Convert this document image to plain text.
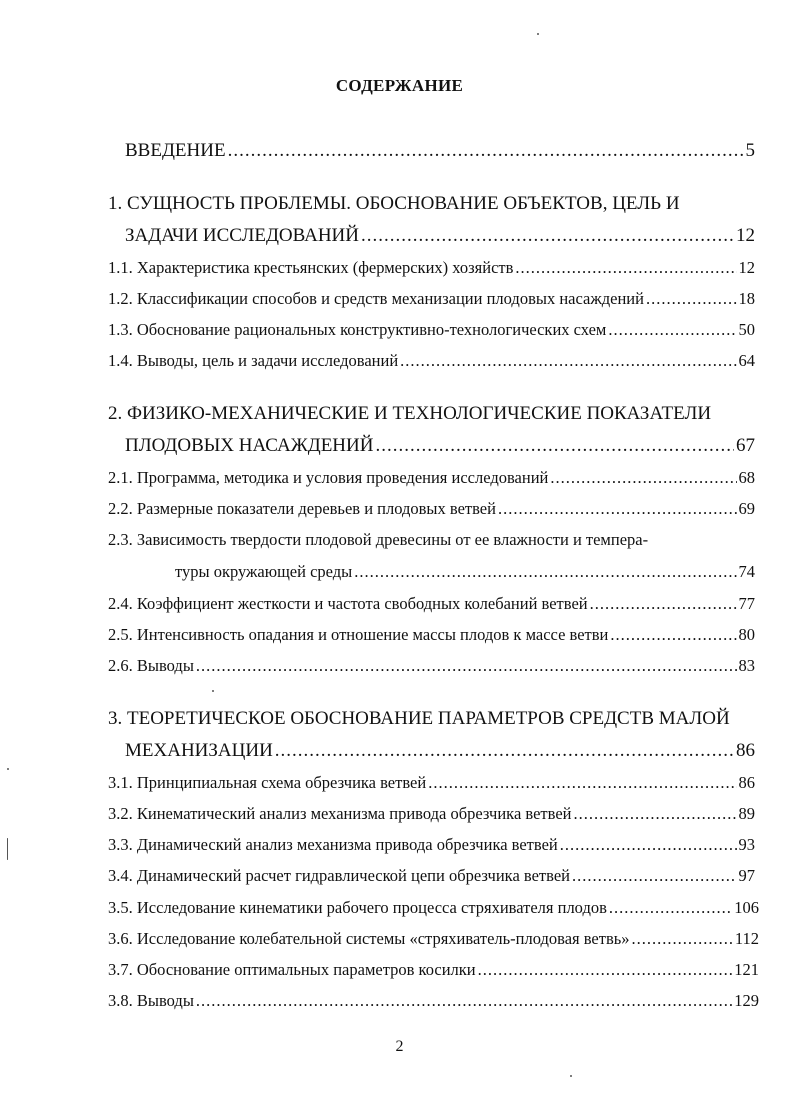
СОДЕРЖАНИЕ
ВВЕДЕНИЕ .....	5
1. СУЩНОСТЬ ПРОБЛЕМЫ. ОБОСНОВАНИЕ ОБЪЕКТОВ, ЦЕЛЬ И
ЗАДАЧИ ИССЛЕДОВАНИЙ .....	12
1.1. Характеристика крестьянских (фермерских) хозяйств .....	12
1.2. Классификации способов и средств механизации плодовых насаждений .....	18
1.3. Обоснование рациональных конструктивно-технологических схем .....	50
1.4. Выводы, цель и задачи исследований .....	64
2. ФИЗИКО-МЕХАНИЧЕСКИЕ И ТЕХНОЛОГИЧЕСКИЕ ПОКАЗАТЕЛИ
ПЛОДОВЫХ НАСАЖДЕНИЙ .....	67
2.1. Программа, методика и условия проведения исследований .....	68
2.2. Размерные показатели деревьев и плодовых ветвей .....	69
2.3. Зависимость твердости плодовой древесины от ее влажности и темпера-
туры окружающей среды .....	74
2.4. Коэффициент жесткости и частота свободных колебаний ветвей .....	77
2.5. Интенсивность опадания и отношение массы плодов к массе ветви .....	80
2.6. Выводы .....	83
3. ТЕОРЕТИЧЕСКОЕ ОБОСНОВАНИЕ ПАРАМЕТРОВ СРЕДСТВ МАЛОЙ
МЕХАНИЗАЦИИ .....	86
3.1. Принципиальная схема обрезчика ветвей .....	86
3.2. Кинематический анализ механизма привода обрезчика ветвей .....	89
3.3. Динамический анализ механизма привода обрезчика ветвей .....	93
3.4. Динамический расчет гидравлической цепи обрезчика ветвей .....	97
3.5. Исследование кинематики рабочего процесса стряхивателя плодов .....	106
3.6. Исследование колебательной системы «стряхиватель-плодовая ветвь» .....	112
3.7. Обоснование оптимальных параметров косилки .....	121
3.8. Выводы .....	129
2
